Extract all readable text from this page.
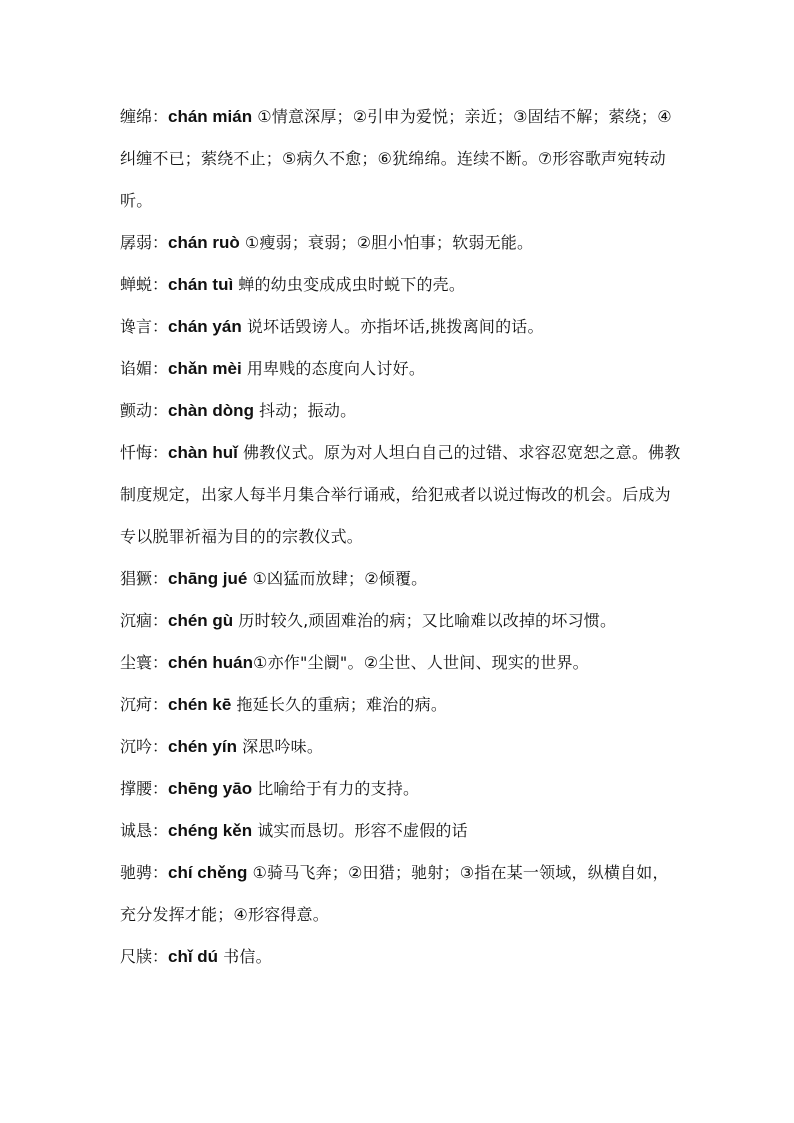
缠绵：chán mián ①情意深厚；②引申为爱悦；亲近；③固结不解；萦绕；④纠缠不已；萦绕不止；⑤病久不愈；⑥犹绵绵。连续不断。⑦形容歌声宛转动听。

孱弱：chán ruò ①瘦弱；衰弱；②胆小怕事；软弱无能。

蝉蜕：chán tuì 蝉的幼虫变成成虫时蜕下的壳。

谗言：chán yán 说坏话毁谤人。亦指坏话,挑拨离间的话。

谄媚：chǎn mèi 用卑贱的态度向人讨好。

颤动：chàn dòng 抖动；振动。

忏悔：chàn huǐ 佛教仪式。原为对人坦白自己的过错、求容忍宽恕之意。佛教制度规定，出家人每半月集合举行诵戒，给犯戒者以说过悔改的机会。后成为专以脱罪祈福为目的的宗教仪式。

猖獗：chāng jué ①凶猛而放肆；②倾覆。

沉痼：chén gù 历时较久,顽固难治的病；又比喻难以改掉的坏习惯。

尘寰：chén huán①亦作"尘阛"。②尘世、人世间、现实的世界。

沉疴：chén kē 拖延长久的重病；难治的病。

沉吟：chén yín 深思吟味。

撑腰：chēng yāo 比喻给于有力的支持。

诚恳：chéng kěn 诚实而恳切。形容不虚假的话

驰骋：chí chěng ①骑马飞奔；②田猎；驰射；③指在某一领域，纵横自如，充分发挥才能；④形容得意。

尺牍：chǐ dú 书信。
